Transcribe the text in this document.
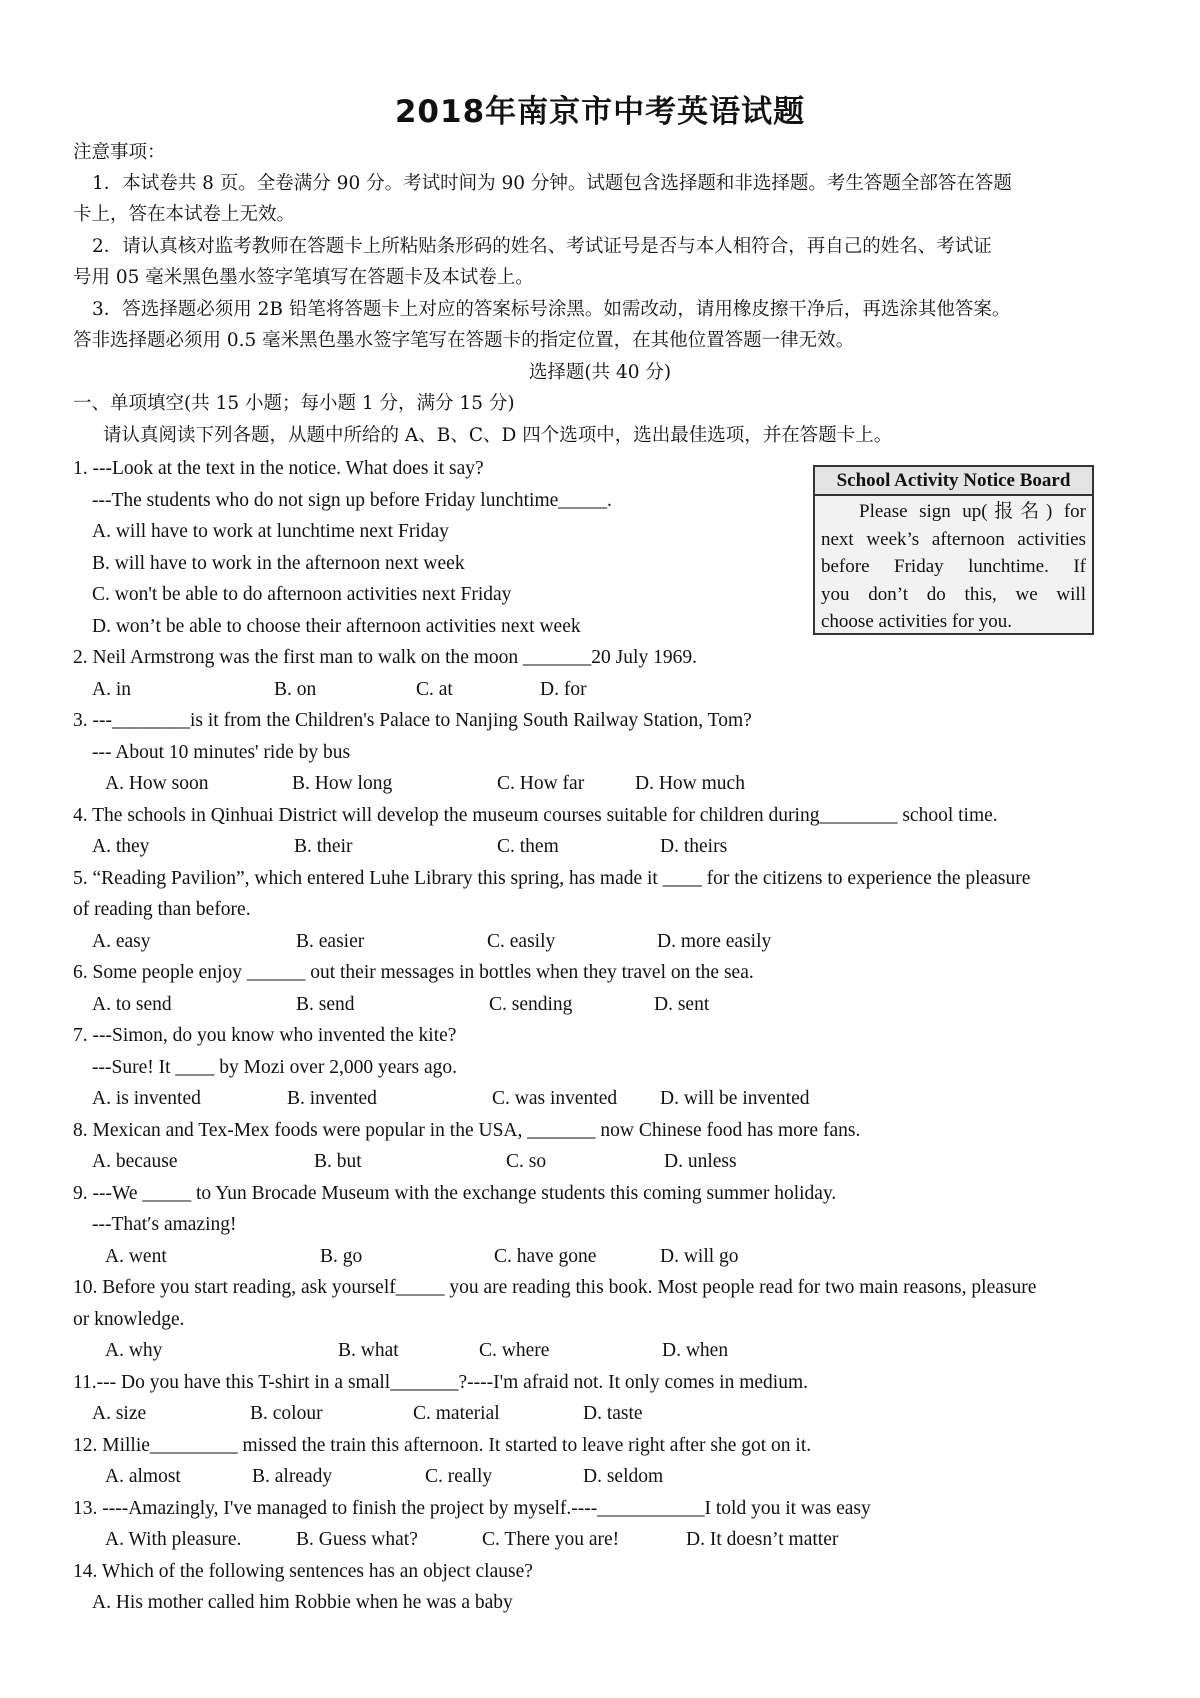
2018年南京市中考英语试题
注意事项：
1．本试卷共 8 页。全卷满分 90 分。考试时间为 90 分钟。试题包含选择题和非选择题。考生答题全部答在答题
卡上，答在本试卷上无效。
2．请认真核对监考教师在答题卡上所粘贴条形码的姓名、考试证号是否与本人相符合，再自己的姓名、考试证
号用 05 毫米黑色墨水签字笔填写在答题卡及本试卷上。
3．答选择题必须用 2B 铅笔将答题卡上对应的答案标号涂黑。如需改动，请用橡皮擦干净后，再选涂其他答案。
答非选择题必须用 0.5 毫米黑色墨水签字笔写在答题卡的指定位置，在其他位置答题一律无效。
选择题(共 40 分)
一、单项填空(共 15 小题；每小题 1 分，满分 15 分)
请认真阅读下列各题，从题中所给的 A、B、C、D 四个选项中，选出最佳选项，并在答题卡上。
School Activity Notice Board
Please sign up(报名) for
next week’s afternoon activities
before Friday lunchtime. If
you don’t do this, we will
choose activities for you.
1. ---Look at the text in the notice. What does it say?
---The students who do not sign up before Friday lunchtime_____.
A. will have to work at lunchtime next Friday
B. will have to work in the afternoon next week
C. won't be able to do afternoon activities next Friday
D. won’t be able to choose their afternoon activities next week
2. Neil Armstrong was the first man to walk on the moon _______20 July 1969.
A. in	B. on	C. at	D. for
3. ---________is it from the Children's Palace to Nanjing South Railway Station, Tom?
--- About 10 minutes' ride by bus
A. How soon	B. How long	C. How far	D. How much
4. The schools in Qinhuai District will develop the museum courses suitable for children during________ school time.
A. they	B. their	C. them	D. theirs
5. “Reading Pavilion”, which entered Luhe Library this spring, has made it ____ for the citizens to experience the pleasure
of reading than before.
A. easy	B. easier	C. easily	D. more easily
6. Some people enjoy ______ out their messages in bottles when they travel on the sea.
A. to send	B. send	C. sending	D. sent
7. ---Simon, do you know who invented the kite?
---Sure! It ____ by Mozi over 2,000 years ago.
A. is invented	B. invented	C. was invented D. will be invented
8. Mexican and Tex-Mex foods were popular in the USA, _______ now Chinese food has more fans.
A. because	B. but	C. so	D. unless
9. ---We _____ to Yun Brocade Museum with the exchange students this coming summer holiday.
---That′s amazing!
A. went	B. go	C. have gone	D. will go
10. Before you start reading, ask yourself_____ you are reading this book. Most people read for two main reasons, pleasure
or knowledge.
A. why	B. what	C. where	D. when
11.--- Do you have this T-shirt in a small_______?----I'm afraid not. It only comes in medium.
A. size	B. colour	C. material	D. taste
12. Millie_________ missed the train this afternoon. It started to leave right after she got on it.
A. almost	B. already	C. really	D. seldom
13. ----Amazingly, I've managed to finish the project by myself.----___________I told you it was easy
A. With pleasure.	B. Guess what?	C. There you are!	D. It doesn’t matter
14. Which of the following sentences has an object clause?
A. His mother called him Robbie when he was a baby
